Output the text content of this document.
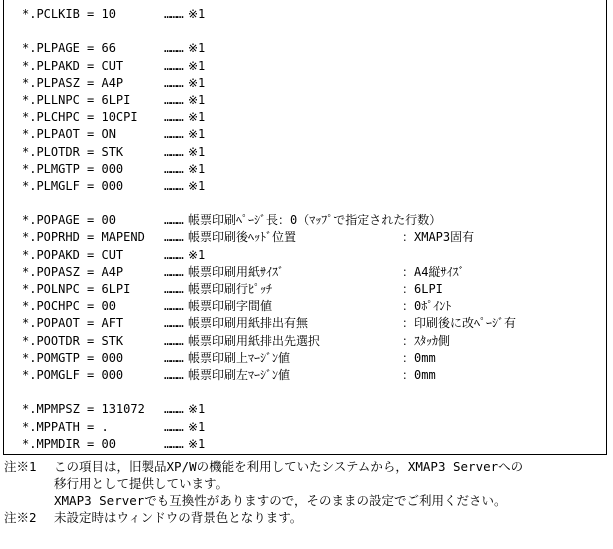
*.PCLKIB = 10	……… ※1
*.PLPAGE = 66	……… ※1
*.PLPAKD = CUT	……… ※1
*.PLPASZ = A4P	……… ※1
*.PLLNPC = 6LPI	……… ※1
*.PLCHPC = 10CPI ……… ※1
*.PLPAOT = ON	……… ※1
*.PLOTDR = STK	……… ※1
*.PLMGTP = 000	……… ※1
*.PLMGLF = 000	……… ※1
*.POPAGE = 00	……… 帳票印刷ﾍﾟｰｼﾞ長：0（ﾏｯﾌﾟで指定された行数）
*.POPRHD = MAPEND ……… 帳票印刷後ﾍｯﾄﾞ位置	：XMAP3固有
*.POPAKD = CUT	……… ※1
*.POPASZ = A4P	……… 帳票印刷用紙ｻｲｽﾞ	：A4縦ｻｲｽﾞ
*.POLNPC = 6LPI	……… 帳票印刷行ﾋﾟｯﾁ	：6LPI
*.POCHPC = 00	……… 帳票印刷字間値	：0ﾎﾟｲﾝﾄ
*.POPAOT = AFT	……… 帳票印刷用紙排出有無	：印刷後に改ﾍﾟｰｼﾞ有
*.POOTDR = STK	……… 帳票印刷用紙排出先選択	：ｽﾀｯｶ側
*.POMGTP = 000	……… 帳票印刷上ﾏｰｼﾞﾝ値	：0mm
*.POMGLF = 000	……… 帳票印刷左ﾏｰｼﾞﾝ値	：0mm
*.MPMPSZ = 131072 ……… ※1
*.MPPATH = .	……… ※1
*.MPMDIR = 00	……… ※1
注※1 この項目は，旧製品XP/Wの機能を利用していたシステムから，XMAP3 Serverへの
移行用として提供しています。
XMAP3 Serverでも互換性がありますので，そのままの設定でご利用ください。
注※2 未設定時はウィンドウの背景色となります。
